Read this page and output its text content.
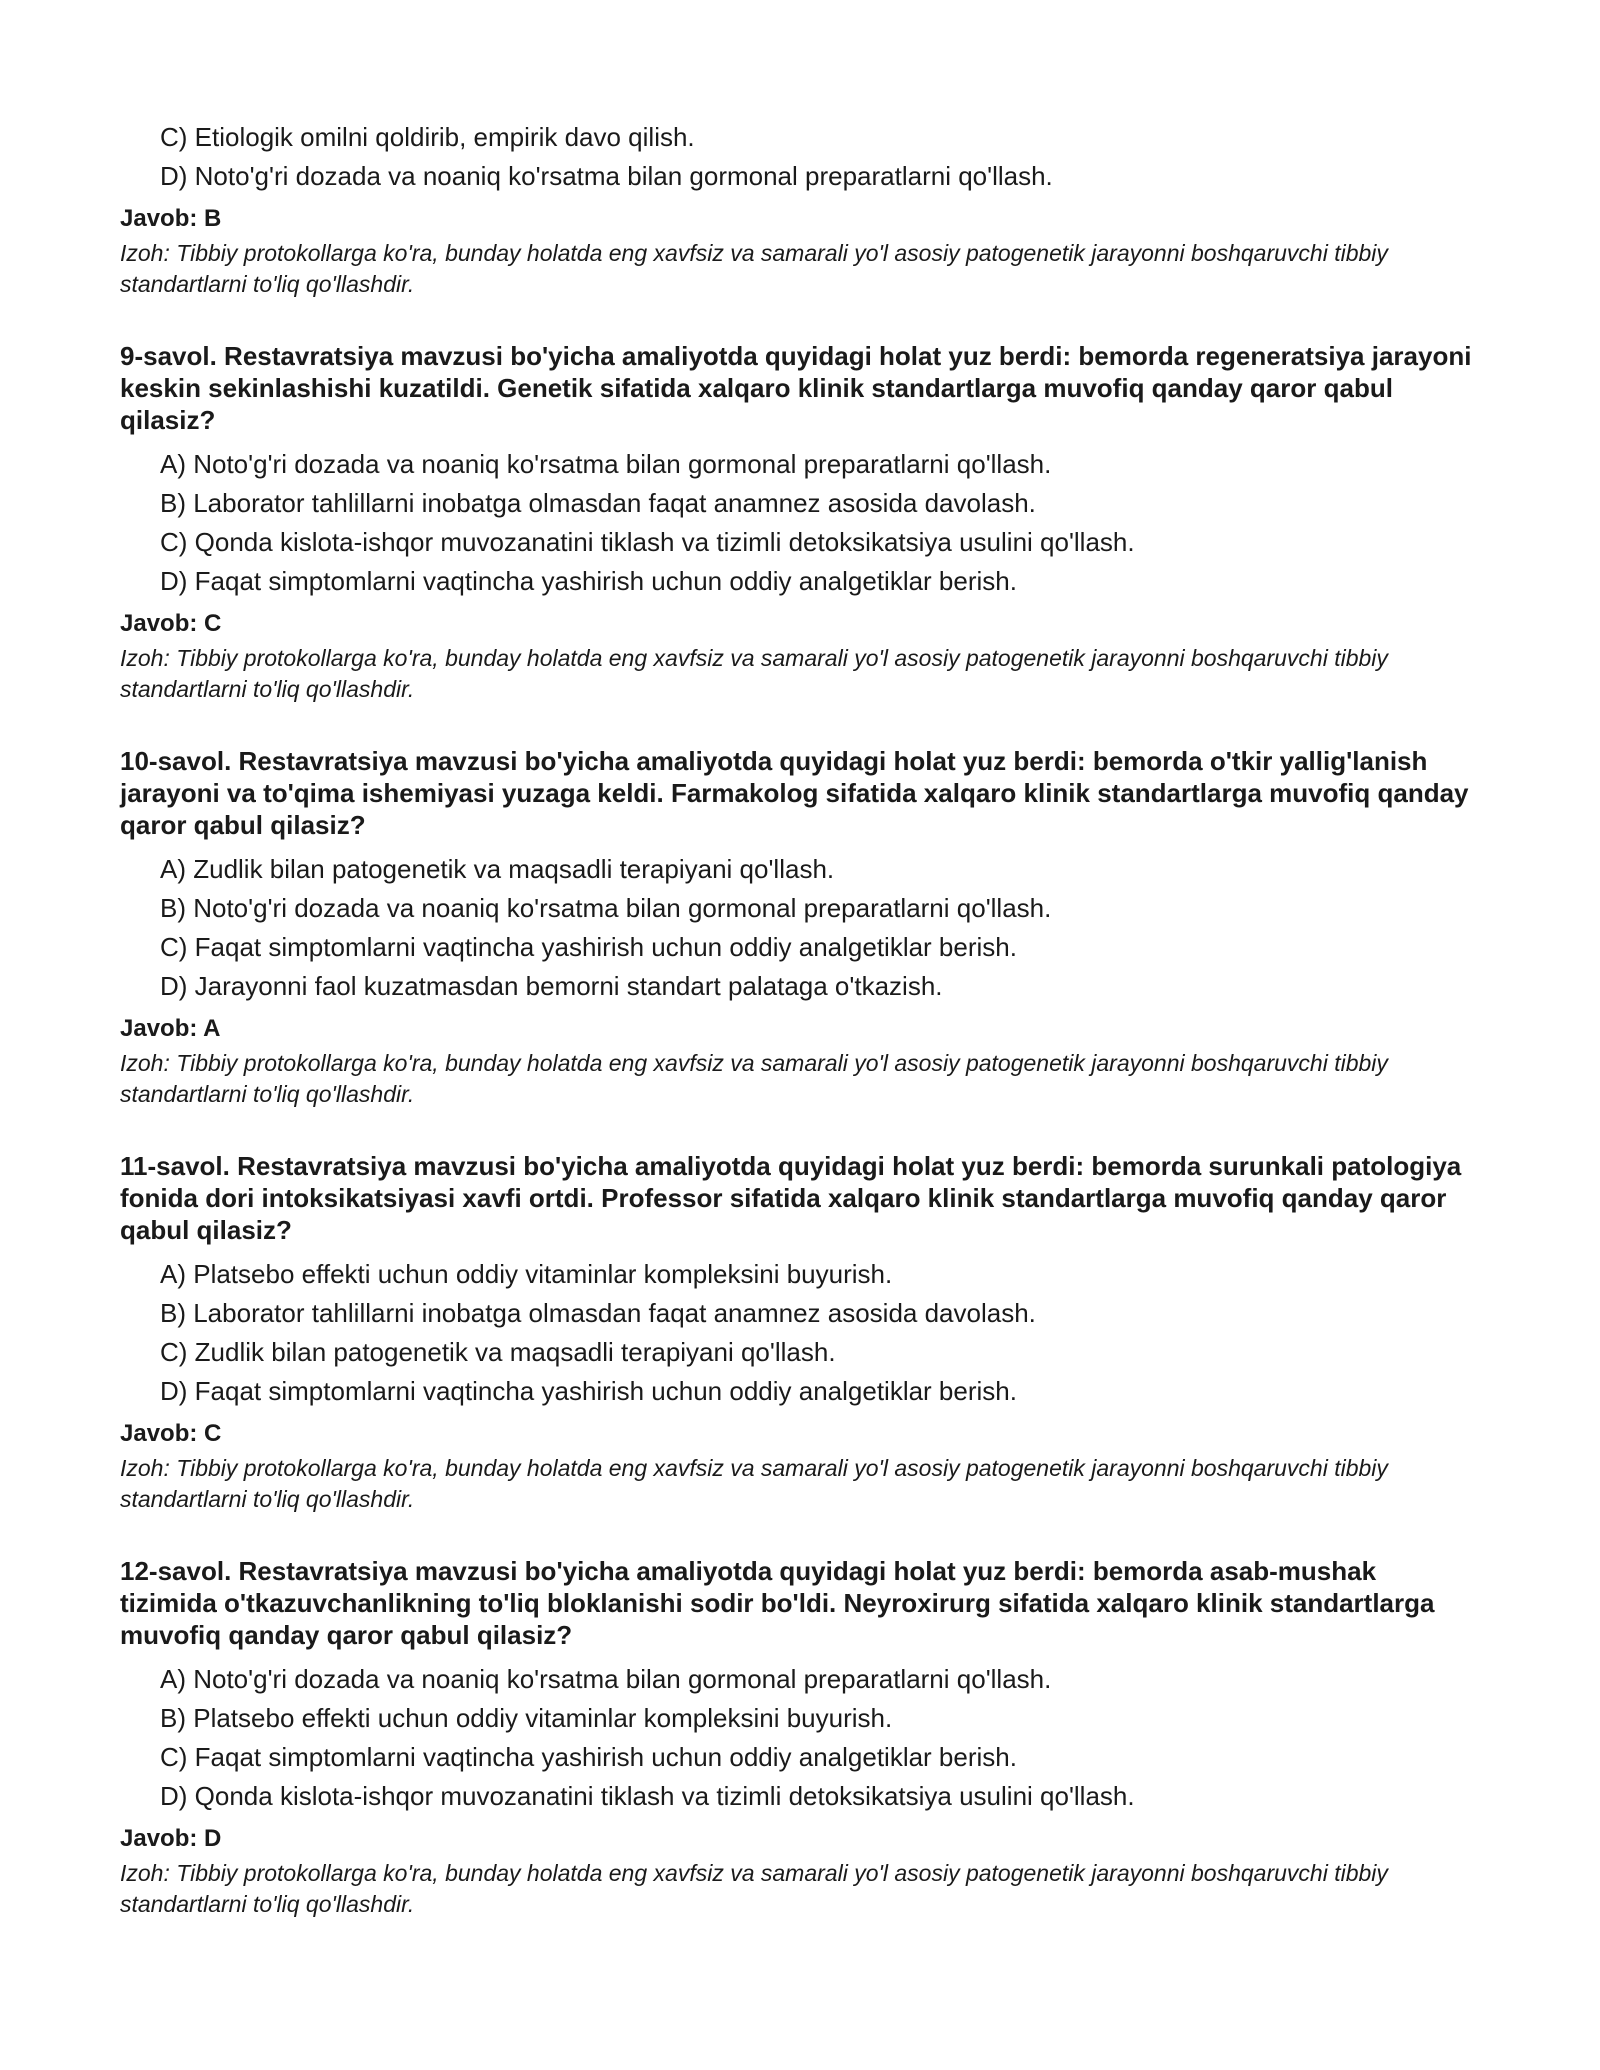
C) Etiologik omilni qoldirib, empirik davo qilish.
D) Noto'g'ri dozada va noaniq ko'rsatma bilan gormonal preparatlarni qo'llash.
Javob: B
Izoh: Tibbiy protokollarga ko'ra, bunday holatda eng xavfsiz va samarali yo'l asosiy patogenetik jarayonni boshqaruvchi tibbiy standartlarni to'liq qo'llashdir.
9-savol. Restavratsiya mavzusi bo'yicha amaliyotda quyidagi holat yuz berdi: bemorda regeneratsiya jarayoni keskin sekinlashishi kuzatildi. Genetik sifatida xalqaro klinik standartlarga muvofiq qanday qaror qabul qilasiz?
A) Noto'g'ri dozada va noaniq ko'rsatma bilan gormonal preparatlarni qo'llash.
B) Laborator tahlillarni inobatga olmasdan faqat anamnez asosida davolash.
C) Qonda kislota-ishqor muvozanatini tiklash va tizimli detoksikatsiya usulini qo'llash.
D) Faqat simptomlarni vaqtincha yashirish uchun oddiy analgetiklar berish.
Javob: C
Izoh: Tibbiy protokollarga ko'ra, bunday holatda eng xavfsiz va samarali yo'l asosiy patogenetik jarayonni boshqaruvchi tibbiy standartlarni to'liq qo'llashdir.
10-savol. Restavratsiya mavzusi bo'yicha amaliyotda quyidagi holat yuz berdi: bemorda o'tkir yallig'lanish jarayoni va to'qima ishemiyasi yuzaga keldi. Farmakolog sifatida xalqaro klinik standartlarga muvofiq qanday qaror qabul qilasiz?
A) Zudlik bilan patogenetik va maqsadli terapiyani qo'llash.
B) Noto'g'ri dozada va noaniq ko'rsatma bilan gormonal preparatlarni qo'llash.
C) Faqat simptomlarni vaqtincha yashirish uchun oddiy analgetiklar berish.
D) Jarayonni faol kuzatmasdan bemorni standart palataga o'tkazish.
Javob: A
Izoh: Tibbiy protokollarga ko'ra, bunday holatda eng xavfsiz va samarali yo'l asosiy patogenetik jarayonni boshqaruvchi tibbiy standartlarni to'liq qo'llashdir.
11-savol. Restavratsiya mavzusi bo'yicha amaliyotda quyidagi holat yuz berdi: bemorda surunkali patologiya fonida dori intoksikatsiyasi xavfi ortdi. Professor sifatida xalqaro klinik standartlarga muvofiq qanday qaror qabul qilasiz?
A) Platsebo effekti uchun oddiy vitaminlar kompleksini buyurish.
B) Laborator tahlillarni inobatga olmasdan faqat anamnez asosida davolash.
C) Zudlik bilan patogenetik va maqsadli terapiyani qo'llash.
D) Faqat simptomlarni vaqtincha yashirish uchun oddiy analgetiklar berish.
Javob: C
Izoh: Tibbiy protokollarga ko'ra, bunday holatda eng xavfsiz va samarali yo'l asosiy patogenetik jarayonni boshqaruvchi tibbiy standartlarni to'liq qo'llashdir.
12-savol. Restavratsiya mavzusi bo'yicha amaliyotda quyidagi holat yuz berdi: bemorda asab-mushak tizimida o'tkazuvchanlikning to'liq bloklanishi sodir bo'ldi. Neyroxirurg sifatida xalqaro klinik standartlarga muvofiq qanday qaror qabul qilasiz?
A) Noto'g'ri dozada va noaniq ko'rsatma bilan gormonal preparatlarni qo'llash.
B) Platsebo effekti uchun oddiy vitaminlar kompleksini buyurish.
C) Faqat simptomlarni vaqtincha yashirish uchun oddiy analgetiklar berish.
D) Qonda kislota-ishqor muvozanatini tiklash va tizimli detoksikatsiya usulini qo'llash.
Javob: D
Izoh: Tibbiy protokollarga ko'ra, bunday holatda eng xavfsiz va samarali yo'l asosiy patogenetik jarayonni boshqaruvchi tibbiy standartlarni to'liq qo'llashdir.
